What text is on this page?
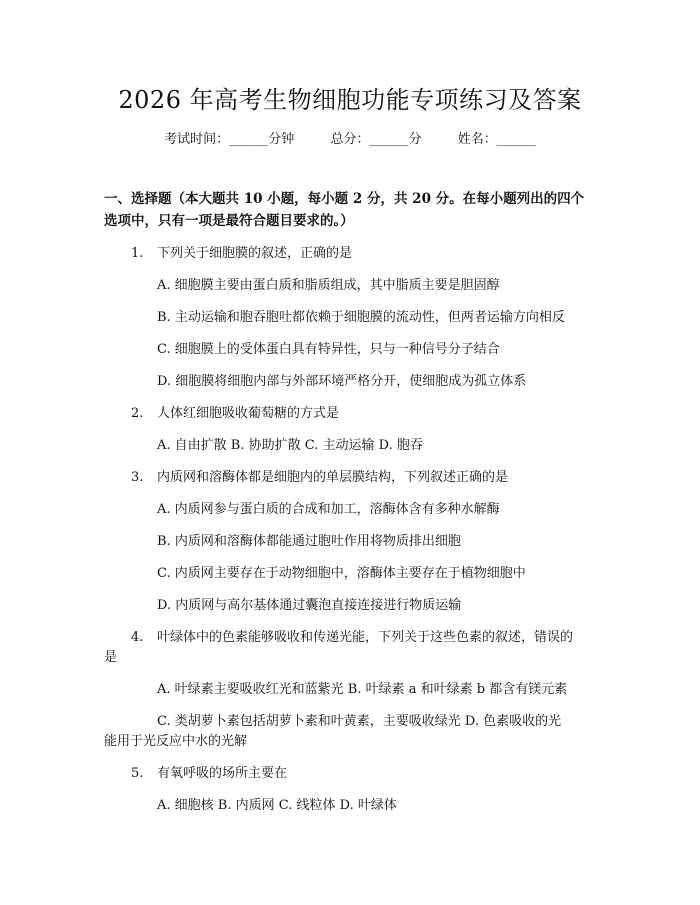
2026 年高考生物细胞功能专项练习及答案
考试时间：______分钟	总分：______分	姓名：______
一、选择题（本大题共 10 小题，每小题 2 分，共 20 分。在每小题列出的四个选项中，只有一项是最符合题目要求的。）
1. 下列关于细胞膜的叙述，正确的是
A. 细胞膜主要由蛋白质和脂质组成，其中脂质主要是胆固醇
B. 主动运输和胞吞胞吐都依赖于细胞膜的流动性，但两者运输方向相反
C. 细胞膜上的受体蛋白具有特异性，只与一种信号分子结合
D. 细胞膜将细胞内部与外部环境严格分开，使细胞成为孤立体系
2. 人体红细胞吸收葡萄糖的方式是
A. 自由扩散 B. 协助扩散 C. 主动运输 D. 胞吞
3. 内质网和溶酶体都是细胞内的单层膜结构，下列叙述正确的是
A. 内质网参与蛋白质的合成和加工，溶酶体含有多种水解酶
B. 内质网和溶酶体都能通过胞吐作用将物质排出细胞
C. 内质网主要存在于动物细胞中，溶酶体主要存在于植物细胞中
D. 内质网与高尔基体通过囊泡直接连接进行物质运输
4. 叶绿体中的色素能够吸收和传递光能，下列关于这些色素的叙述，错误的
是
A. 叶绿素主要吸收红光和蓝紫光 B. 叶绿素 a 和叶绿素 b 都含有镁元素
C. 类胡萝卜素包括胡萝卜素和叶黄素，主要吸收绿光 D. 色素吸收的光
能用于光反应中水的光解
5. 有氧呼吸的场所主要在
A. 细胞核 B. 内质网 C. 线粒体 D. 叶绿体
